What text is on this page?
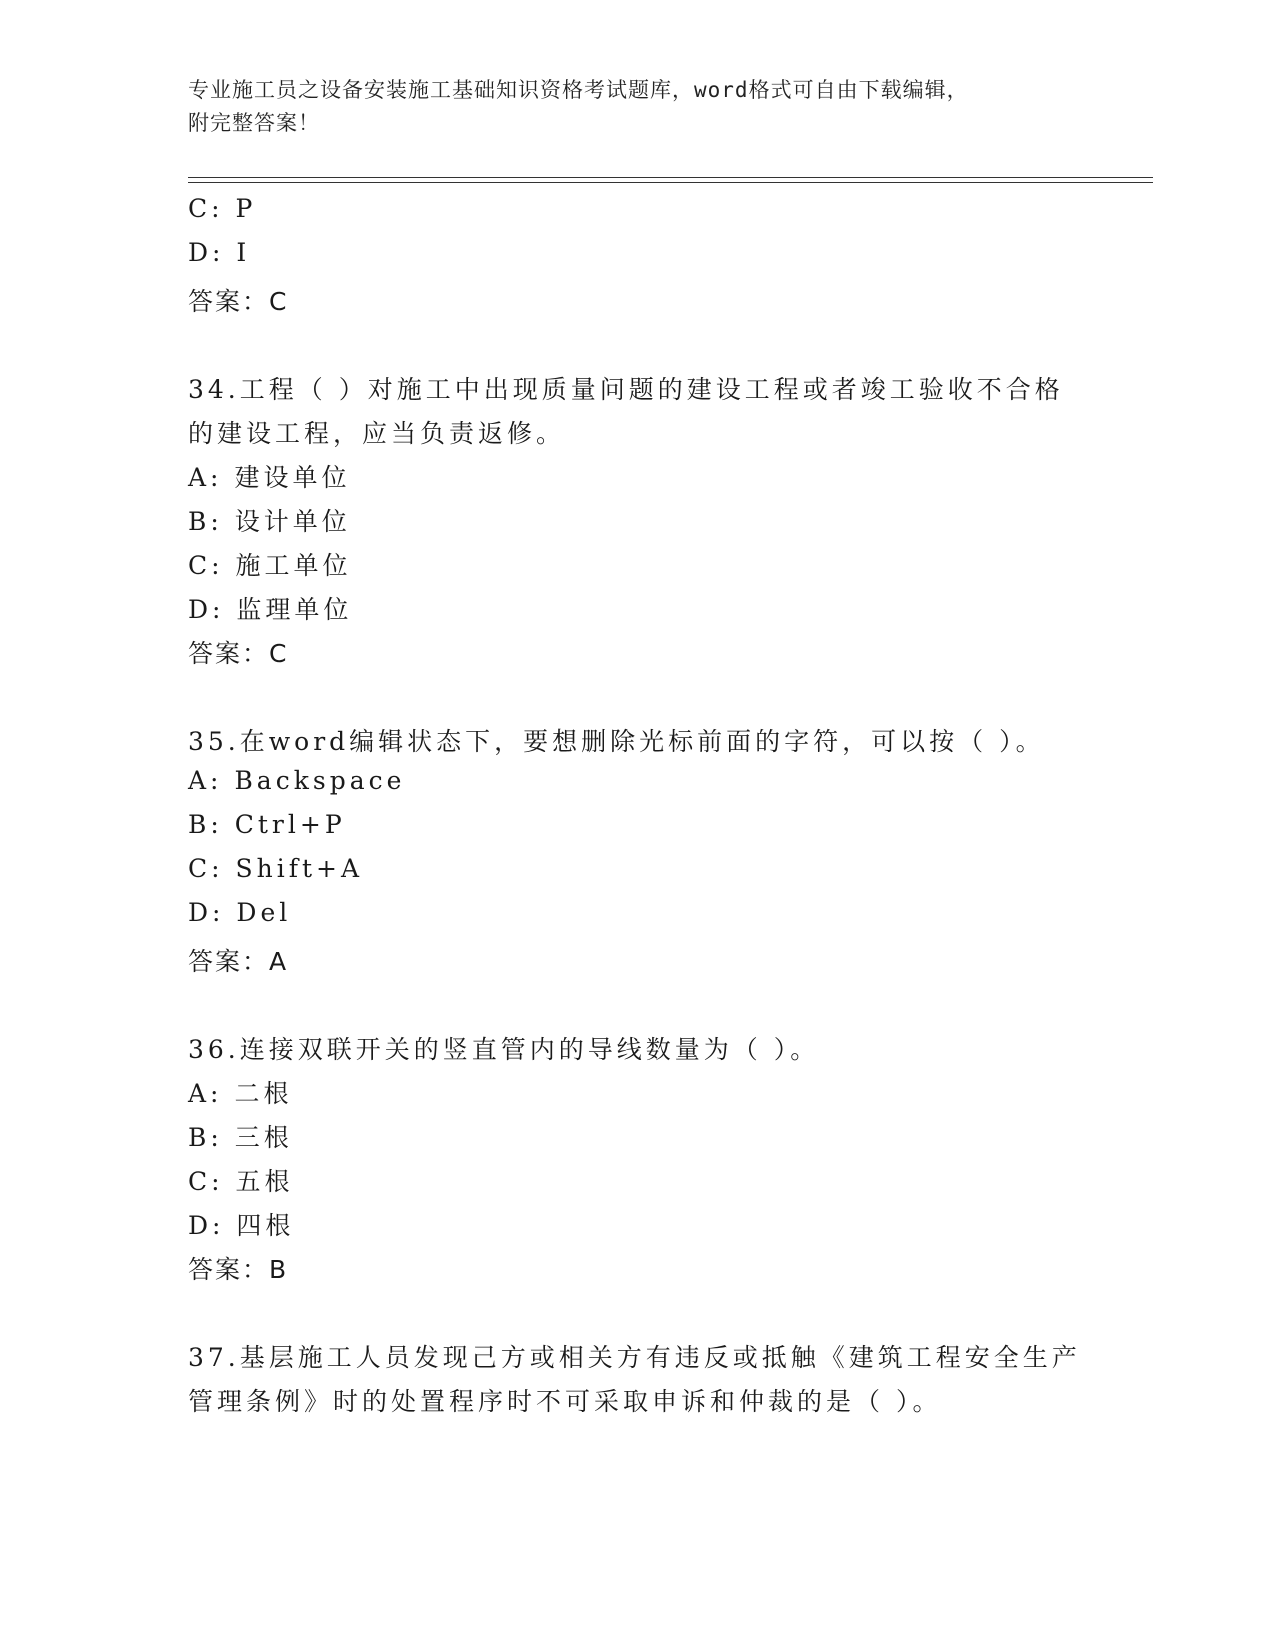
专业施工员之设备安装施工基础知识资格考试题库，word格式可自由下载编辑，
附完整答案！
C: P
D: I
答案：C
34.工程（ ）对施工中出现质量问题的建设工程或者竣工验收不合格
的建设工程，应当负责返修。
A: 建设单位
B: 设计单位
C: 施工单位
D: 监理单位
答案：C
35.在word编辑状态下，要想删除光标前面的字符，可以按（ ）。
A: Backspace
B: Ctrl+P
C: Shift+A
D: Del
答案：A
36.连接双联开关的竖直管内的导线数量为（ ）。
A: 二根
B: 三根
C: 五根
D: 四根
答案：B
37.基层施工人员发现己方或相关方有违反或抵触《建筑工程安全生产
管理条例》时的处置程序时不可采取申诉和仲裁的是（ ）。
